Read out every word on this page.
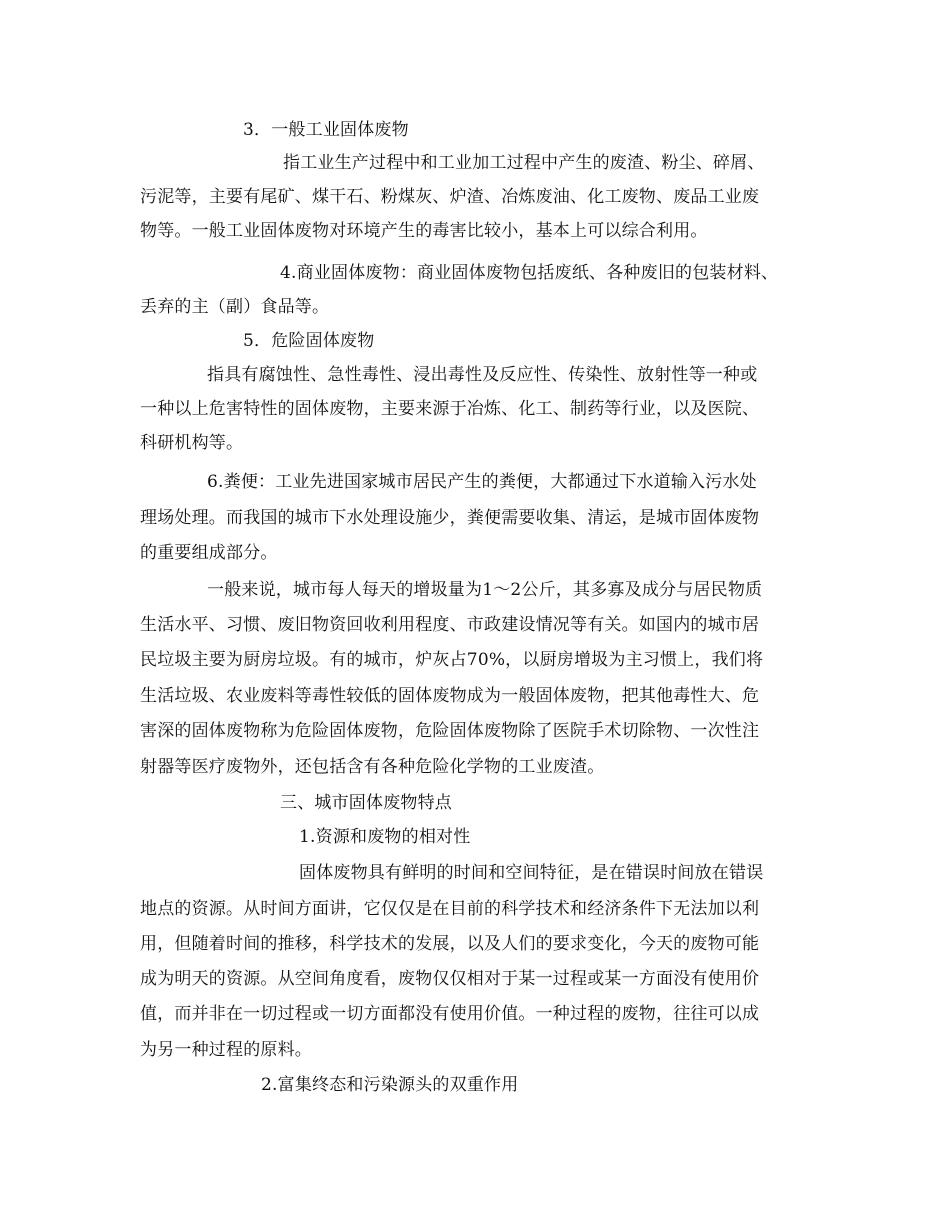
3．一般工业固体废物
指工业生产过程中和工业加工过程中产生的废渣、粉尘、碎屑、
污泥等，主要有尾矿、煤干石、粉煤灰、炉渣、冶炼废油、化工废物、废品工业废
物等。一般工业固体废物对环境产生的毒害比较小，基本上可以综合利用。
4.商业固体废物：商业固体废物包括废纸、各种废旧的包装材料、
丢弃的主（副）食品等。
5．危险固体废物
指具有腐蚀性、急性毒性、浸出毒性及反应性、传染性、放射性等一种或
一种以上危害特性的固体废物，主要来源于冶炼、化工、制药等行业，以及医院、
科研机构等。
6.粪便：工业先进国家城市居民产生的粪便，大都通过下水道输入污水处
理场处理。而我国的城市下水处理设施少，粪便需要收集、清运，是城市固体废物
的重要组成部分。
一般来说，城市每人每天的增圾量为1～2公斤，其多寡及成分与居民物质
生活水平、习惯、废旧物资回收利用程度、市政建设情况等有关。如国内的城市居
民垃圾主要为厨房垃圾。有的城市，炉灰占70%，以厨房增圾为主习惯上，我们将
生活垃圾、农业废料等毒性较低的固体废物成为一般固体废物，把其他毒性大、危
害深的固体废物称为危险固体废物，危险固体废物除了医院手术切除物、一次性注
射器等医疗废物外，还包括含有各种危险化学物的工业废渣。
三、城市固体废物特点
1.资源和废物的相对性
固体废物具有鲜明的时间和空间特征，是在错误时间放在错误
地点的资源。从时间方面讲，它仅仅是在目前的科学技术和经济条件下无法加以利
用，但随着时间的推移，科学技术的发展，以及人们的要求变化，今天的废物可能
成为明天的资源。从空间角度看，废物仅仅相对于某一过程或某一方面没有使用价
值，而并非在一切过程或一切方面都没有使用价值。一种过程的废物，往往可以成
为另一种过程的原料。
2.富集终态和污染源头的双重作用
